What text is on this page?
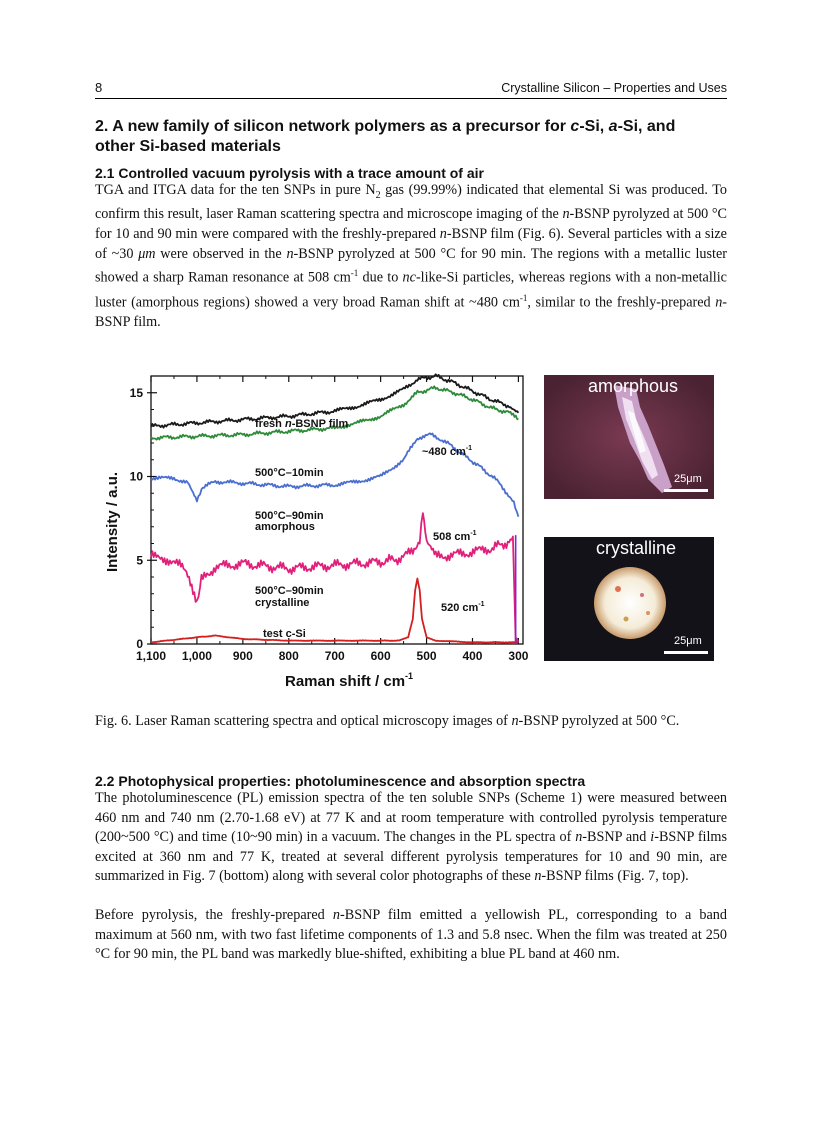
8	Crystalline Silicon – Properties and Uses
2. A new family of silicon network polymers as a precursor for c-Si, a-Si, and
other Si-based materials
2.1 Controlled vacuum pyrolysis with a trace amount of air
TGA and ITGA data for the ten SNPs in pure $N_2$ gas (99.99%) indicated that elemental Si was produced. To confirm this result, laser Raman scattering spectra and microscope imaging of the n-BSNP pyrolyzed at 500 °C for 10 and 90 min were compared with the freshly-prepared n-BSNP film (Fig. 6). Several particles with a size of ~30 μm were observed in the n-BSNP pyrolyzed at 500 °C for 90 min. The regions with a metallic luster showed a sharp Raman resonance at 508 $cm^{-1}$ due to nc-like-Si particles, whereas regions with a non-metallic luster (amorphous regions) showed a very broad Raman shift at ~480 $cm^{-1}$, similar to the freshly-prepared n-BSNP film.
1,100 1,000 900 800 700 600 500 400 300
0
5
10
15
fresh n-BSNP film
~480 $cm^{-1}$
500°C–10min
500°C–90min
amorphous
508 $cm^{-1}$
500°C–90min
crystalline	520 $cm^{-1}$
test c-Si
Raman shift / $cm^{-1}$
Intensity / a.u.
amorphous
25μm
crystalline
25μm
Fig. 6. Laser Raman scattering spectra and optical microscopy images of n-BSNP pyrolyzed at 500 °C.
2.2 Photophysical properties: photoluminescence and absorption spectra
The photoluminescence (PL) emission spectra of the ten soluble SNPs (Scheme 1) were measured between 460 nm and 740 nm (2.70-1.68 eV) at 77 K and at room temperature with controlled pyrolysis temperature (200~500 °C) and time (10~90 min) in a vacuum. The changes in the PL spectra of n-BSNP and i-BSNP films excited at 360 nm and 77 K, treated at several different pyrolysis temperatures for 10 and 90 min, are summarized in Fig. 7 (bottom) along with several color photographs of these n-BSNP films (Fig. 7, top).
Before pyrolysis, the freshly-prepared n-BSNP film emitted a yellowish PL, corresponding to a band maximum at 560 nm, with two fast lifetime components of 1.3 and 5.8 nsec. When the film was treated at 250 °C for 90 min, the PL band was markedly blue-shifted, exhibiting a blue PL band at 460 nm.
